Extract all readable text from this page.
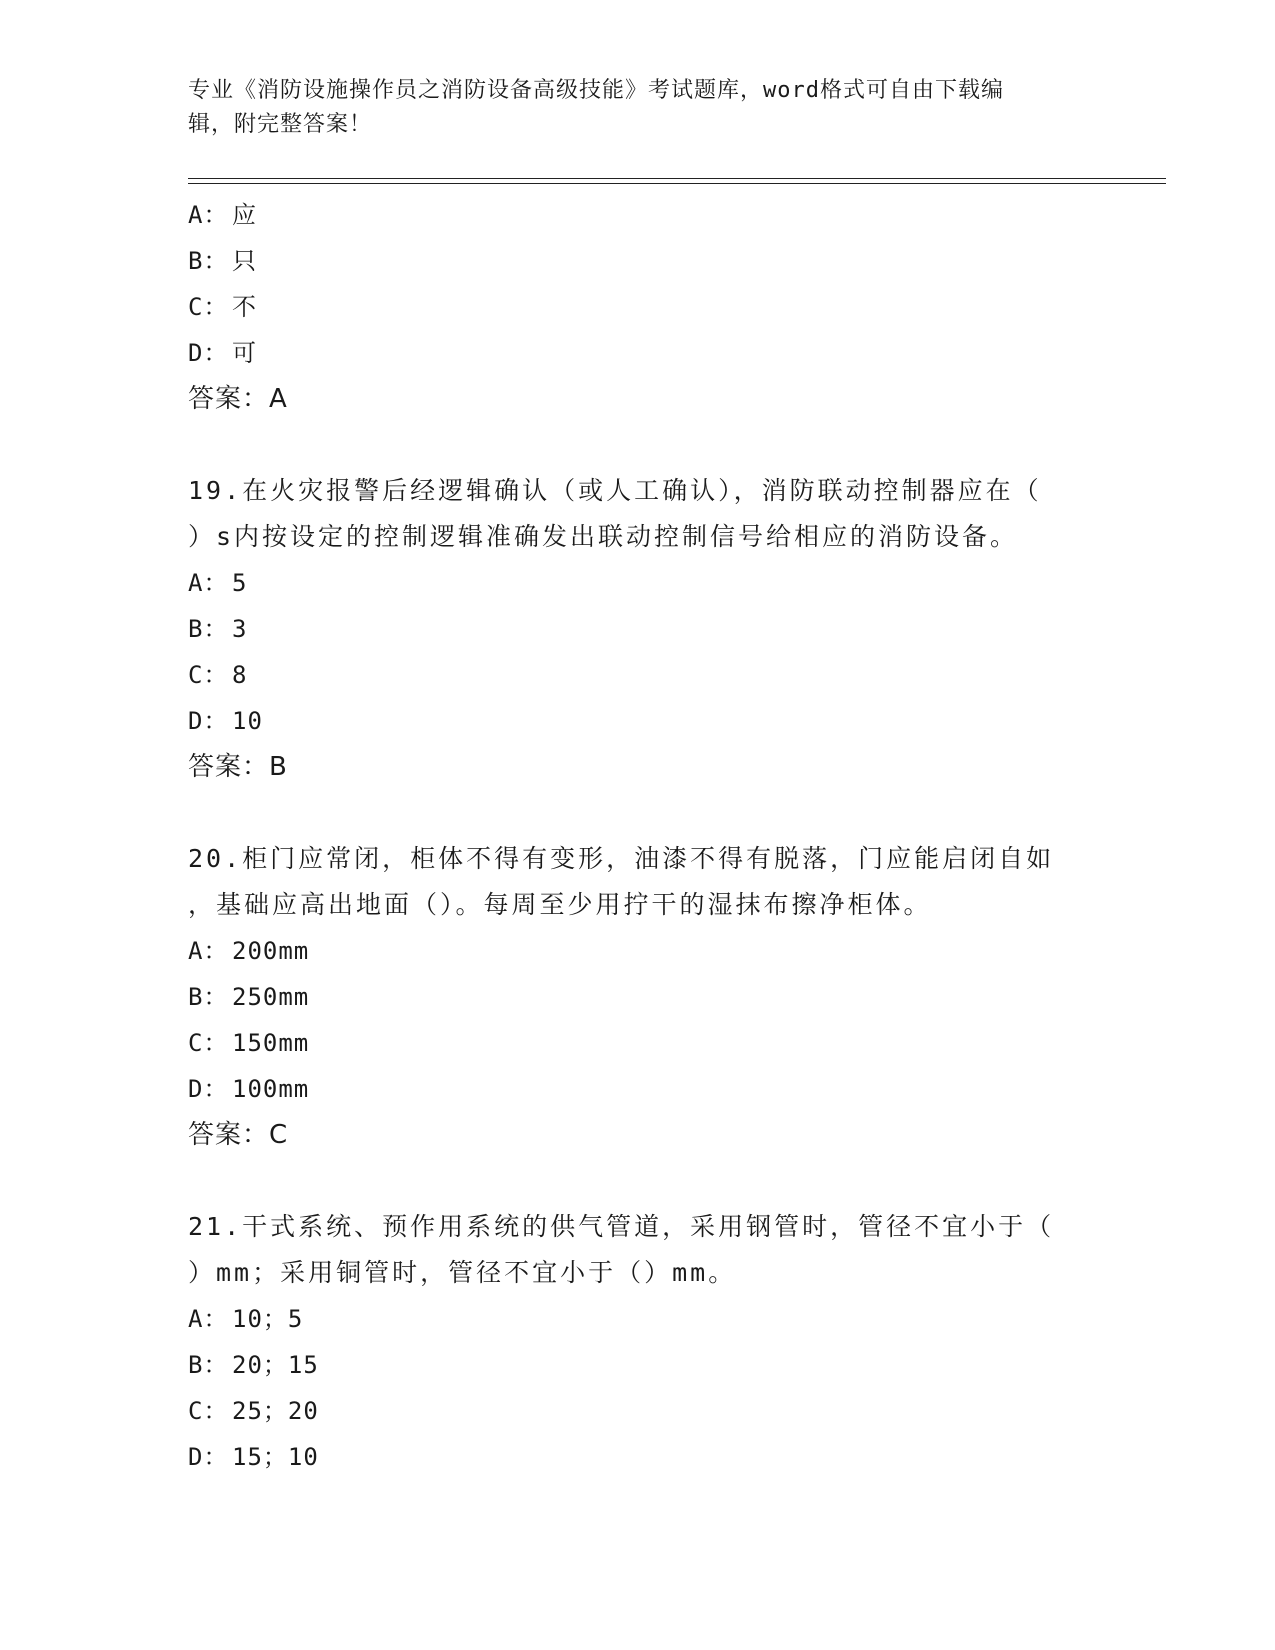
专业《消防设施操作员之消防设备高级技能》考试题库，word格式可自由下载编
辑，附完整答案！
A： 应
B： 只
C： 不
D： 可
答案：A
19.在火灾报警后经逻辑确认（或人工确认），消防联动控制器应在（
）s内按设定的控制逻辑准确发出联动控制信号给相应的消防设备。
A： 5
B： 3
C： 8
D： 10
答案：B
20.柜门应常闭，柜体不得有变形，油漆不得有脱落，门应能启闭自如
，基础应高出地面（）。每周至少用拧干的湿抹布擦净柜体。
A： 200mm
B： 250mm
C： 150mm
D： 100mm
答案：C
21.干式系统、预作用系统的供气管道，采用钢管时，管径不宜小于（
）mm；采用铜管时，管径不宜小于（）mm。
A： 10；5
B： 20；15
C： 25；20
D： 15；10
